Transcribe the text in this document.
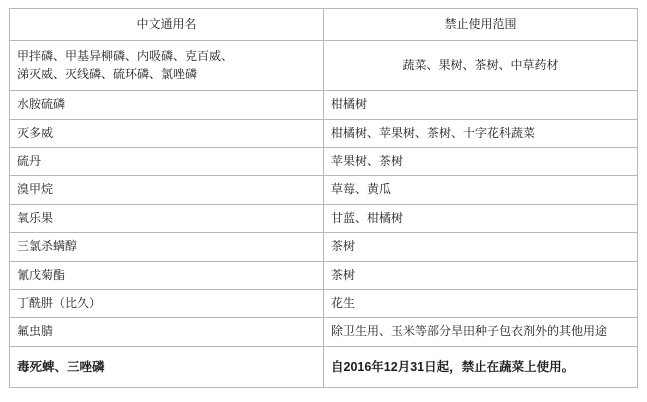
中文通用名	禁止使用范围

甲拌磷、甲基异柳磷、内吸磷、克百威、
涕灭威、灭线磷、硫环磷、氯唑磷	蔬菜、果树、茶树、中草药材
水胺硫磷	柑橘树
灭多威	柑橘树、苹果树、茶树、十字花科蔬菜
硫丹	苹果树、茶树
溴甲烷	草莓、黄瓜
氧乐果	甘蓝、柑橘树
三氯杀螨醇	茶树
氰戊菊酯	茶树
丁酰肼（比久）	花生
氟虫腈	除卫生用、玉米等部分旱田种子包衣剂外的其他用途
毒死蜱、三唑磷	自2016年12月31日起，禁止在蔬菜上使用。
